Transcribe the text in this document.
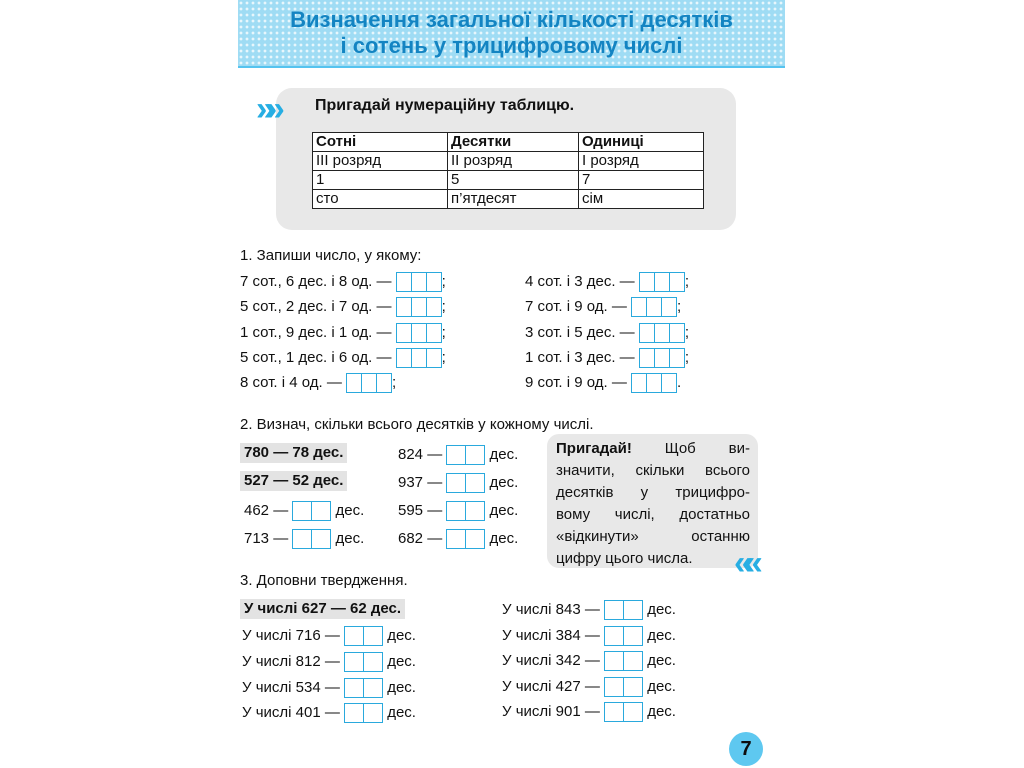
Визначення загальної кількості десятків
і сотень у трицифровому числі
»» Пригадай нумераційну таблицю.
Сотні	Десятки	Одиниці
ІІІ розряд	ІІ розряд	І розряд
1	5	7
сто	п’ятдесят	сім
1. Запиши число, у якому:
7 сот., 6 дес. і 8 од. —	;
5 сот., 2 дес. і 7 од. —	;
1 сот., 9 дес. і 1 од. —	;
5 сот., 1 дес. і 6 од. —	;
8 сот. і 4 од. —	;
4 сот. і 3 дес. —	;
7 сот. і 9 од. —	;
3 сот. і 5 дес. —	;
1 сот. і 3 дес. —	;
9 сот. і 9 од. —	.
2. Визнач, скільки всього десятків у кожному числі.
780 — 78 дес.
527 — 52 дес.
462 —	дес.
713 —	дес.
824 —	дес.
937 —	дес.
595 —	дес.
682 —	дес.
Пригадай! Щоб ви-
значити, скільки всього
десятків у трицифро-
вому числі, достатньо
«відкинути» останню
цифру цього числа.	««
3. Доповни твердження.
У числі 627 — 62 дес.
У числі 716 —	дес.
У числі 812 —	дес.
У числі 534 —	дес.
У числі 401 —	дес.
У числі 843 —	дес.
У числі 384 —	дес.
У числі 342 —	дес.
У числі 427 —	дес.
У числі 901 —	дес.
7
